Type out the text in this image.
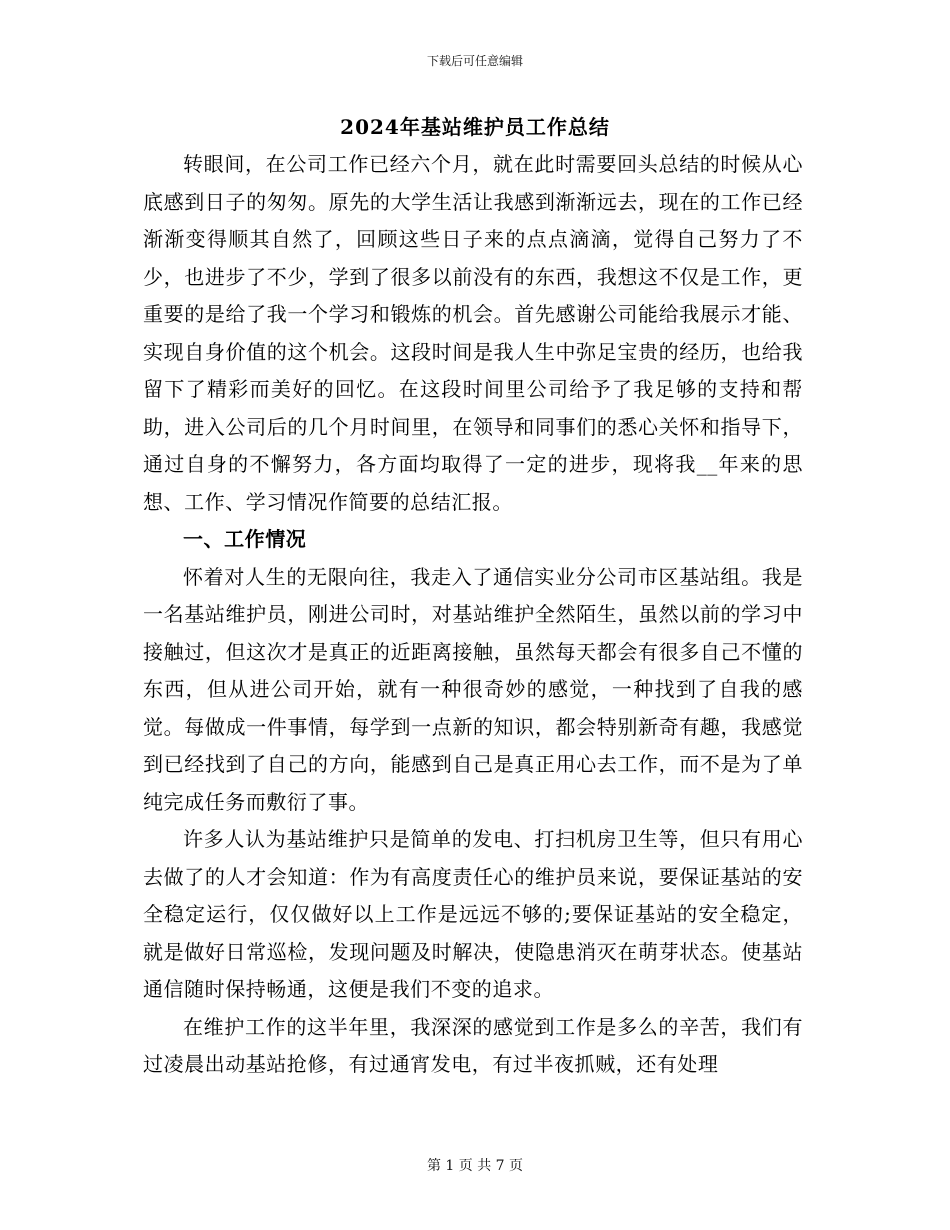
下载后可任意编辑
2024年基站维护员工作总结

转眼间，在公司工作已经六个月，就在此时需要回头总结的时候从心底感到日子的匆匆。原先的大学生活让我感到渐渐远去，现在的工作已经渐渐变得顺其自然了，回顾这些日子来的点点滴滴，觉得自己努力了不少，也进步了不少，学到了很多以前没有的东西，我想这不仅是工作，更重要的是给了我一个学习和锻炼的机会。首先感谢公司能给我展示才能、实现自身价值的这个机会。这段时间是我人生中弥足宝贵的经历，也给我留下了精彩而美好的回忆。在这段时间里公司给予了我足够的支持和帮助，进入公司后的几个月时间里，在领导和同事们的悉心关怀和指导下，通过自身的不懈努力，各方面均取得了一定的进步，现将我__年来的思想、工作、学习情况作简要的总结汇报。

一、工作情况

怀着对人生的无限向往，我走入了通信实业分公司市区基站组。我是一名基站维护员，刚进公司时，对基站维护全然陌生，虽然以前的学习中接触过，但这次才是真正的近距离接触，虽然每天都会有很多自己不懂的东西，但从进公司开始，就有一种很奇妙的感觉，一种找到了自我的感觉。每做成一件事情，每学到一点新的知识，都会特别新奇有趣，我感觉到已经找到了自己的方向，能感到自己是真正用心去工作，而不是为了单纯完成任务而敷衍了事。

许多人认为基站维护只是简单的发电、打扫机房卫生等，但只有用心去做了的人才会知道：作为有高度责任心的维护员来说，要保证基站的安全稳定运行，仅仅做好以上工作是远远不够的;要保证基站的安全稳定，就是做好日常巡检，发现问题及时解决，使隐患消灭在萌芽状态。使基站通信随时保持畅通，这便是我们不变的追求。

在维护工作的这半年里，我深深的感觉到工作是多么的辛苦，我们有过凌晨出动基站抢修，有过通宵发电，有过半夜抓贼，还有处理

第 1 页 共 7 页
